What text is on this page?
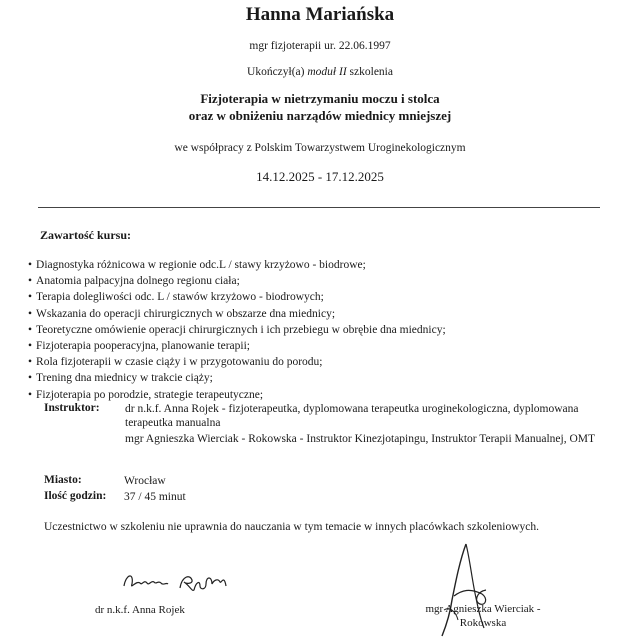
Hanna Mariańska
mgr fizjoterapii ur. 22.06.1997
Ukończył(a) moduł II szkolenia
Fizjoterapia w nietrzymaniu moczu i stolca
oraz w obniżeniu narządów miednicy mniejszej
we współpracy z Polskim Towarzystwem Uroginekologicznym
14.12.2025 - 17.12.2025
Zawartość kursu:
• Diagnostyka różnicowa w regionie odc.L / stawy krzyżowo - biodrowe;
• Anatomia palpacyjna dolnego regionu ciała;
• Terapia dolegliwości odc. L / stawów krzyżowo - biodrowych;
• Wskazania do operacji chirurgicznych w obszarze dna miednicy;
• Teoretyczne omówienie operacji chirurgicznych i ich przebiegu w obrębie dna miednicy;
• Fizjoterapia pooperacyjna, planowanie terapii;
• Rola fizjoterapii w czasie ciąży i w przygotowaniu do porodu;
• Trening dna miednicy w trakcie ciąży;
• Fizjoterapia po porodzie, strategie terapeutyczne;
Instruktor: dr n.k.f. Anna Rojek - fizjoterapeutka, dyplomowana terapeutka uroginekologiczna, dyplomowana terapeutka manualna
mgr Agnieszka Wierciak - Rokowska - Instruktor Kinezjotapingu, Instruktor Terapii Manualnej, OMT
Miasto:	Wrocław
Ilość godzin: 37 / 45 minut
Uczestnictwo w szkoleniu nie uprawnia do nauczania w tym temacie w innych placówkach szkoleniowych.
dr n.k.f. Anna Rojek	mgr Agnieszka Wierciak -
Rokowska
